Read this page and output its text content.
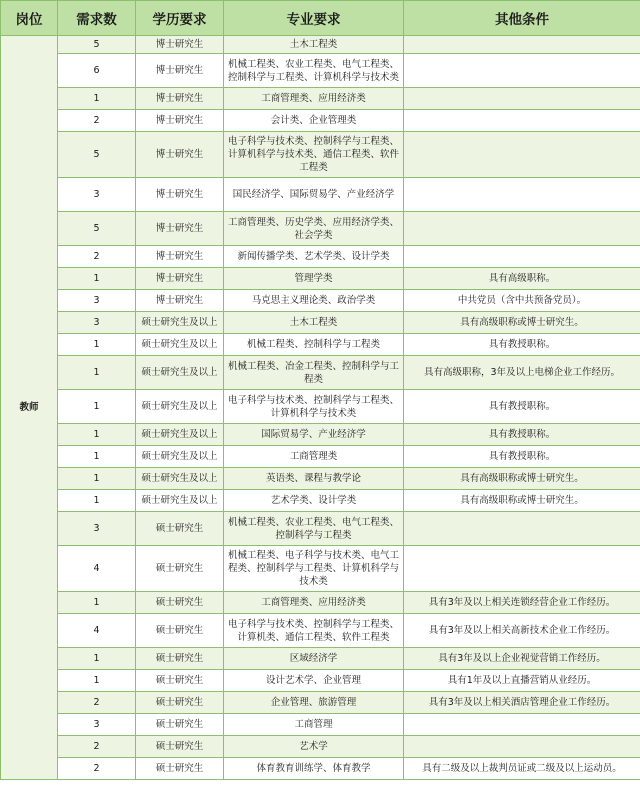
岗位	需求数	学历要求	专业要求	其他条件
教师	5	博士研究生	土木工程类	
	6	博士研究生	机械工程类、农业工程类、电气工程类、控制科学与工程类、计算机科学与技术类	
	1	博士研究生	工商管理类、应用经济类	
	2	博士研究生	会计类、企业管理类	
	5	博士研究生	电子科学与技术类、控制科学与工程类、计算机科学与技术类、通信工程类、软件工程类	
	3	博士研究生	国民经济学、国际贸易学、产业经济学	
	5	博士研究生	工商管理类、历史学类、应用经济学类、社会学类	
	2	博士研究生	新闻传播学类、艺术学类、设计学类	
	1	博士研究生	管理学类	具有高级职称。
	3	博士研究生	马克思主义理论类、政治学类	中共党员（含中共预备党员）。
	3	硕士研究生及以上	土木工程类	具有高级职称或博士研究生。
	1	硕士研究生及以上	机械工程类、控制科学与工程类	具有教授职称。
	1	硕士研究生及以上	机械工程类、冶金工程类、控制科学与工程类	具有高级职称，3年及以上电梯企业工作经历。
	1	硕士研究生及以上	电子科学与技术类、控制科学与工程类、计算机科学与技术类	具有教授职称。
	1	硕士研究生及以上	国际贸易学、产业经济学	具有教授职称。
	1	硕士研究生及以上	工商管理类	具有教授职称。
	1	硕士研究生及以上	英语类、课程与教学论	具有高级职称或博士研究生。
	1	硕士研究生及以上	艺术学类、设计学类	具有高级职称或博士研究生。
	3	硕士研究生	机械工程类、农业工程类、电气工程类、控制科学与工程类	
	4	硕士研究生	机械工程类、电子科学与技术类、电气工程类、控制科学与工程类、计算机科学与技术类	
	1	硕士研究生	工商管理类、应用经济类	具有3年及以上相关连锁经营企业工作经历。
	4	硕士研究生	电子科学与技术类、控制科学与工程类、计算机类、通信工程类、软件工程类	具有3年及以上相关高新技术企业工作经历。
	1	硕士研究生	区域经济学	具有3年及以上企业视觉营销工作经历。
	1	硕士研究生	设计艺术学、企业管理	具有1年及以上直播营销从业经历。
	2	硕士研究生	企业管理、旅游管理	具有3年及以上相关酒店管理企业工作经历。
	3	硕士研究生	工商管理	
	2	硕士研究生	艺术学	
	2	硕士研究生	体育教育训练学、体育教学	具有二级及以上裁判员证或二级及以上运动员。
